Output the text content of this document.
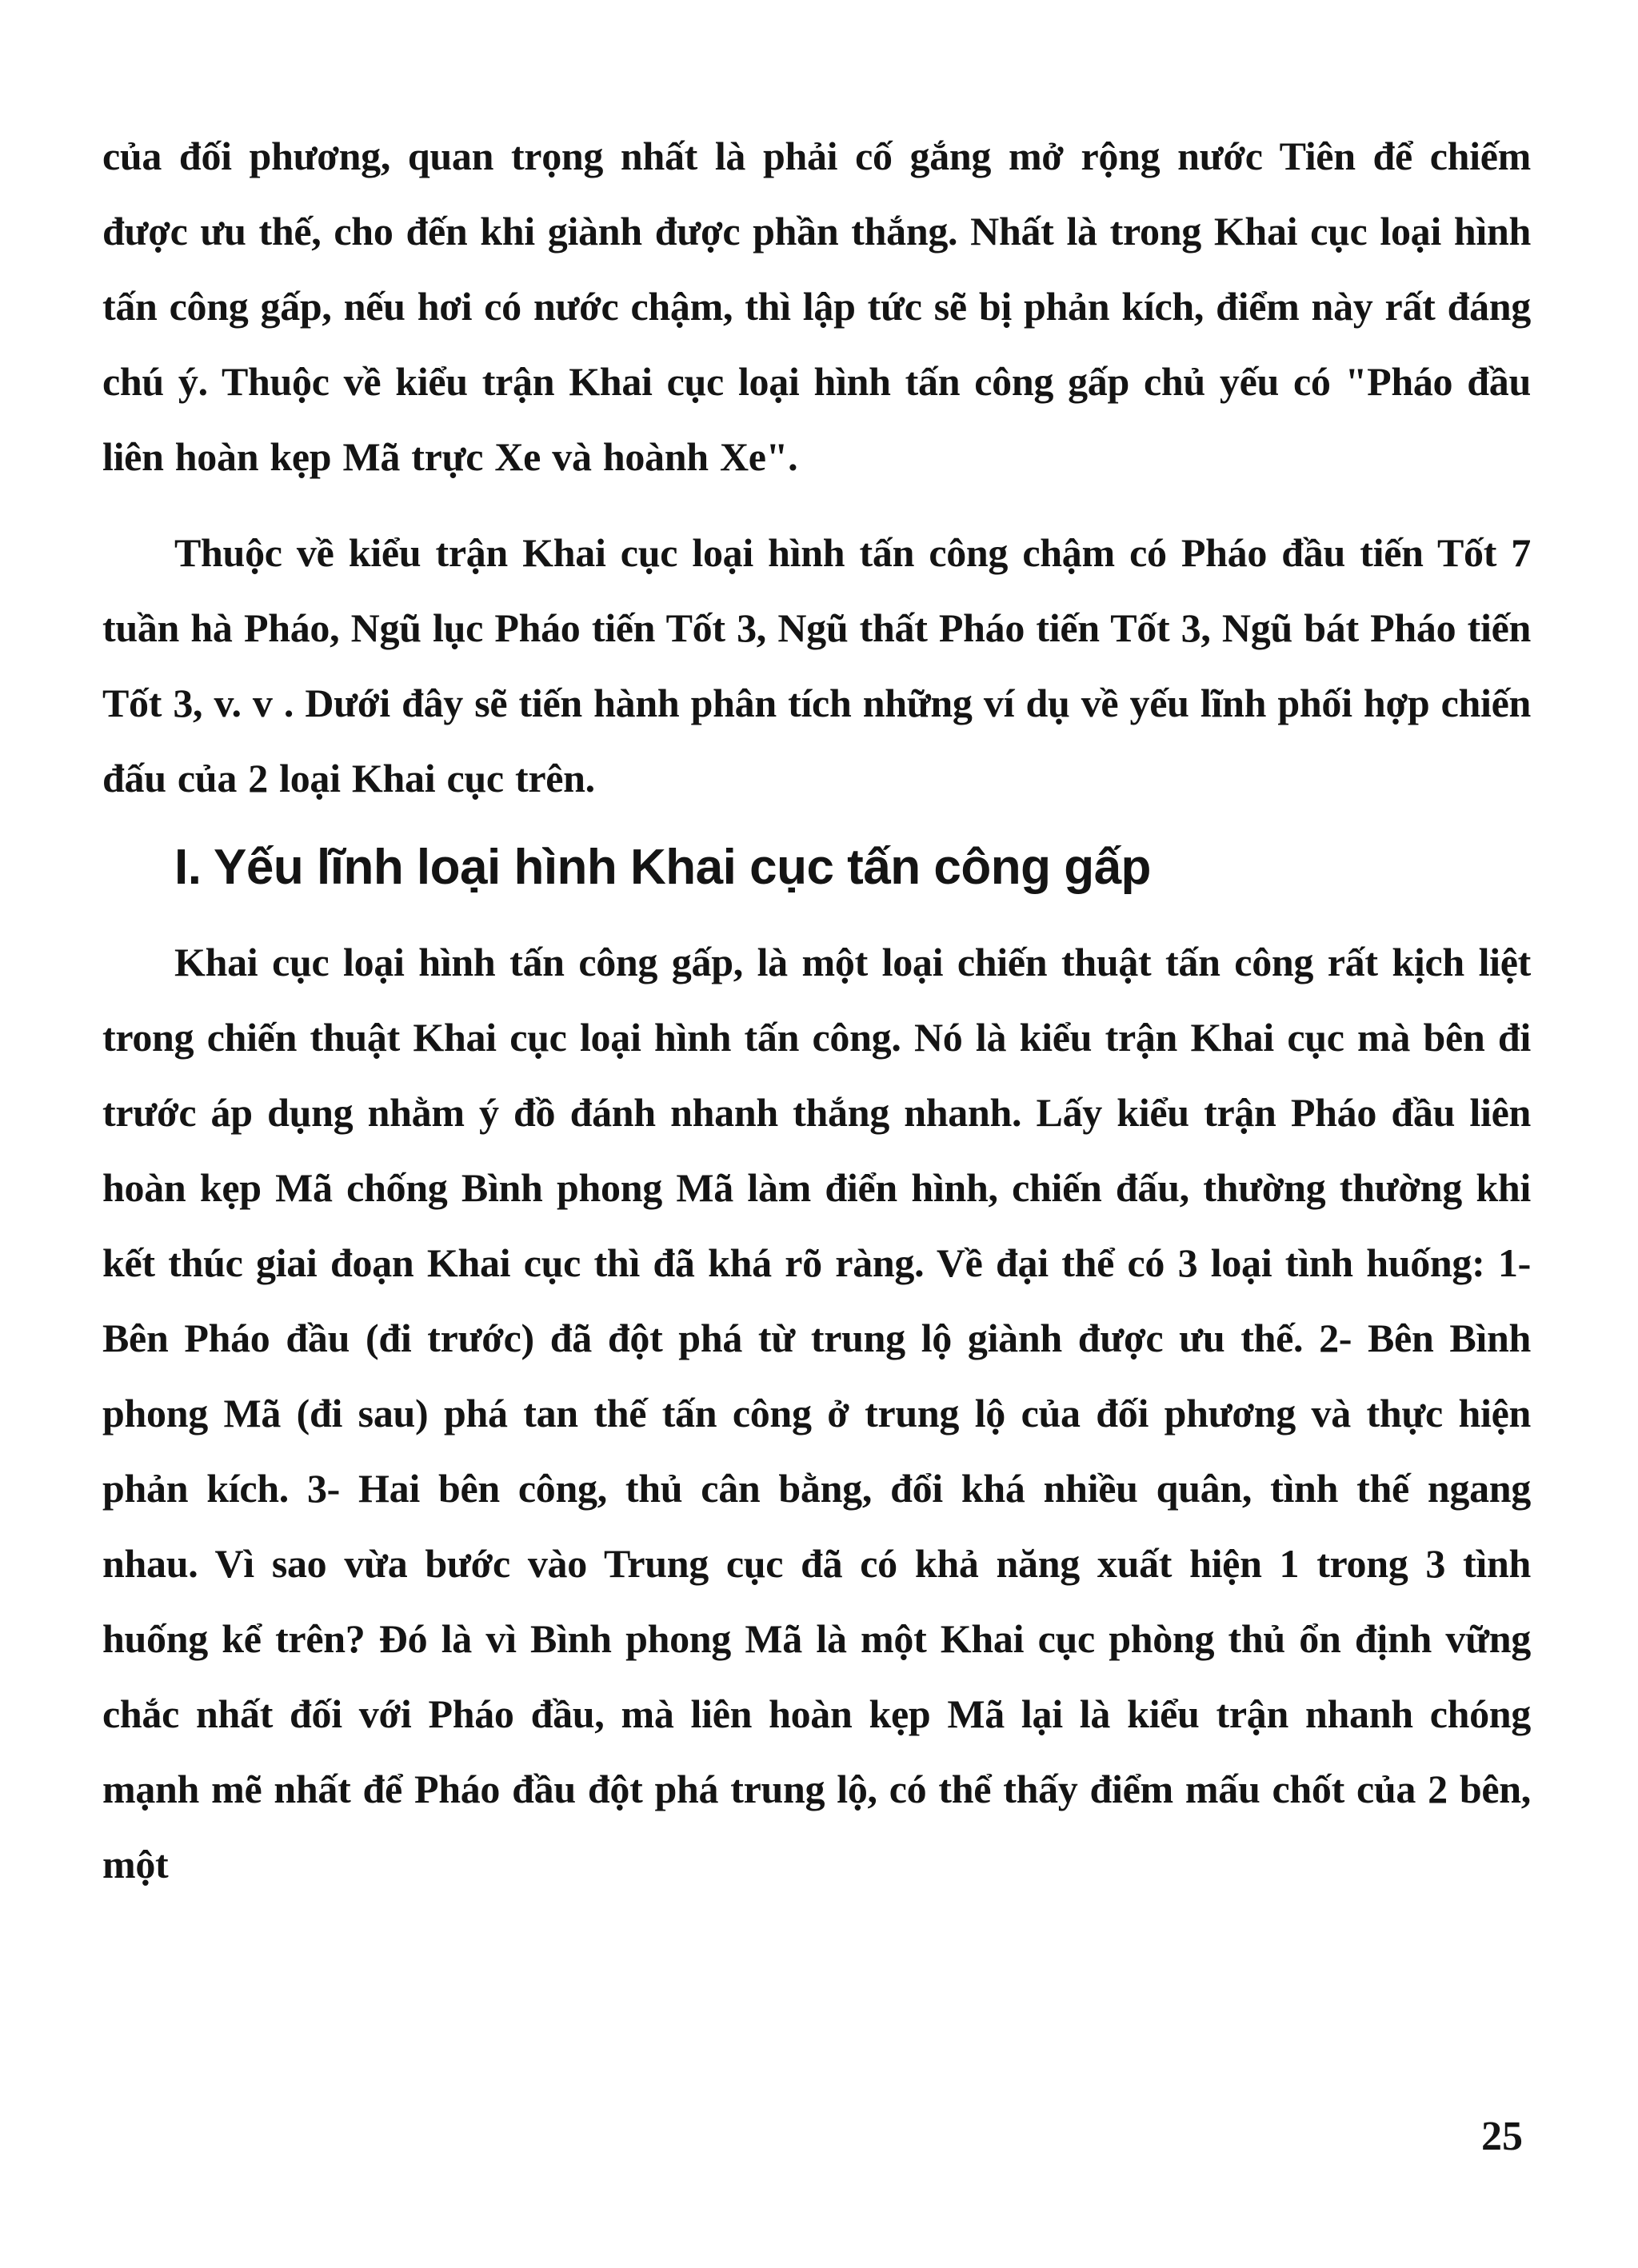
của đối phương, quan trọng nhất là phải cố gắng mở rộng nước Tiên để chiếm được ưu thế, cho đến khi giành được phần thắng. Nhất là trong Khai cục loại hình tấn công gấp, nếu hơi có nước chậm, thì lập tức sẽ bị phản kích, điểm này rất đáng chú ý. Thuộc về kiểu trận Khai cục loại hình tấn công gấp chủ yếu có "Pháo đầu liên hoàn kẹp Mã trực Xe và hoành Xe".

Thuộc về kiểu trận Khai cục loại hình tấn công chậm có Pháo đầu tiến Tốt 7 tuần hà Pháo, Ngũ lục Pháo tiến Tốt 3, Ngũ thất Pháo tiến Tốt 3, Ngũ bát Pháo tiến Tốt 3, v. v . Dưới đây sẽ tiến hành phân tích những ví dụ về yếu lĩnh phối hợp chiến đấu của 2 loại Khai cục trên.

I. Yếu lĩnh loại hình Khai cục tấn công gấp

Khai cục loại hình tấn công gấp, là một loại chiến thuật tấn công rất kịch liệt trong chiến thuật Khai cục loại hình tấn công. Nó là kiểu trận Khai cục mà bên đi trước áp dụng nhằm ý đồ đánh nhanh thắng nhanh. Lấy kiểu trận Pháo đầu liên hoàn kẹp Mã chống Bình phong Mã làm điển hình, chiến đấu, thường thường khi kết thúc giai đoạn Khai cục thì đã khá rõ ràng. Về đại thể có 3 loại tình huống: 1- Bên Pháo đầu (đi trước) đã đột phá từ trung lộ giành được ưu thế. 2- Bên Bình phong Mã (đi sau) phá tan thế tấn công ở trung lộ của đối phương và thực hiện phản kích. 3- Hai bên công, thủ cân bằng, đổi khá nhiều quân, tình thế ngang nhau. Vì sao vừa bước vào Trung cục đã có khả năng xuất hiện 1 trong 3 tình huống kể trên? Đó là vì Bình phong Mã là một Khai cục phòng thủ ổn định vững chắc nhất đối với Pháo đầu, mà liên hoàn kẹp Mã lại là kiểu trận nhanh chóng mạnh mẽ nhất để Pháo đầu đột phá trung lộ, có thể thấy điểm mấu chốt của 2 bên, một

25
